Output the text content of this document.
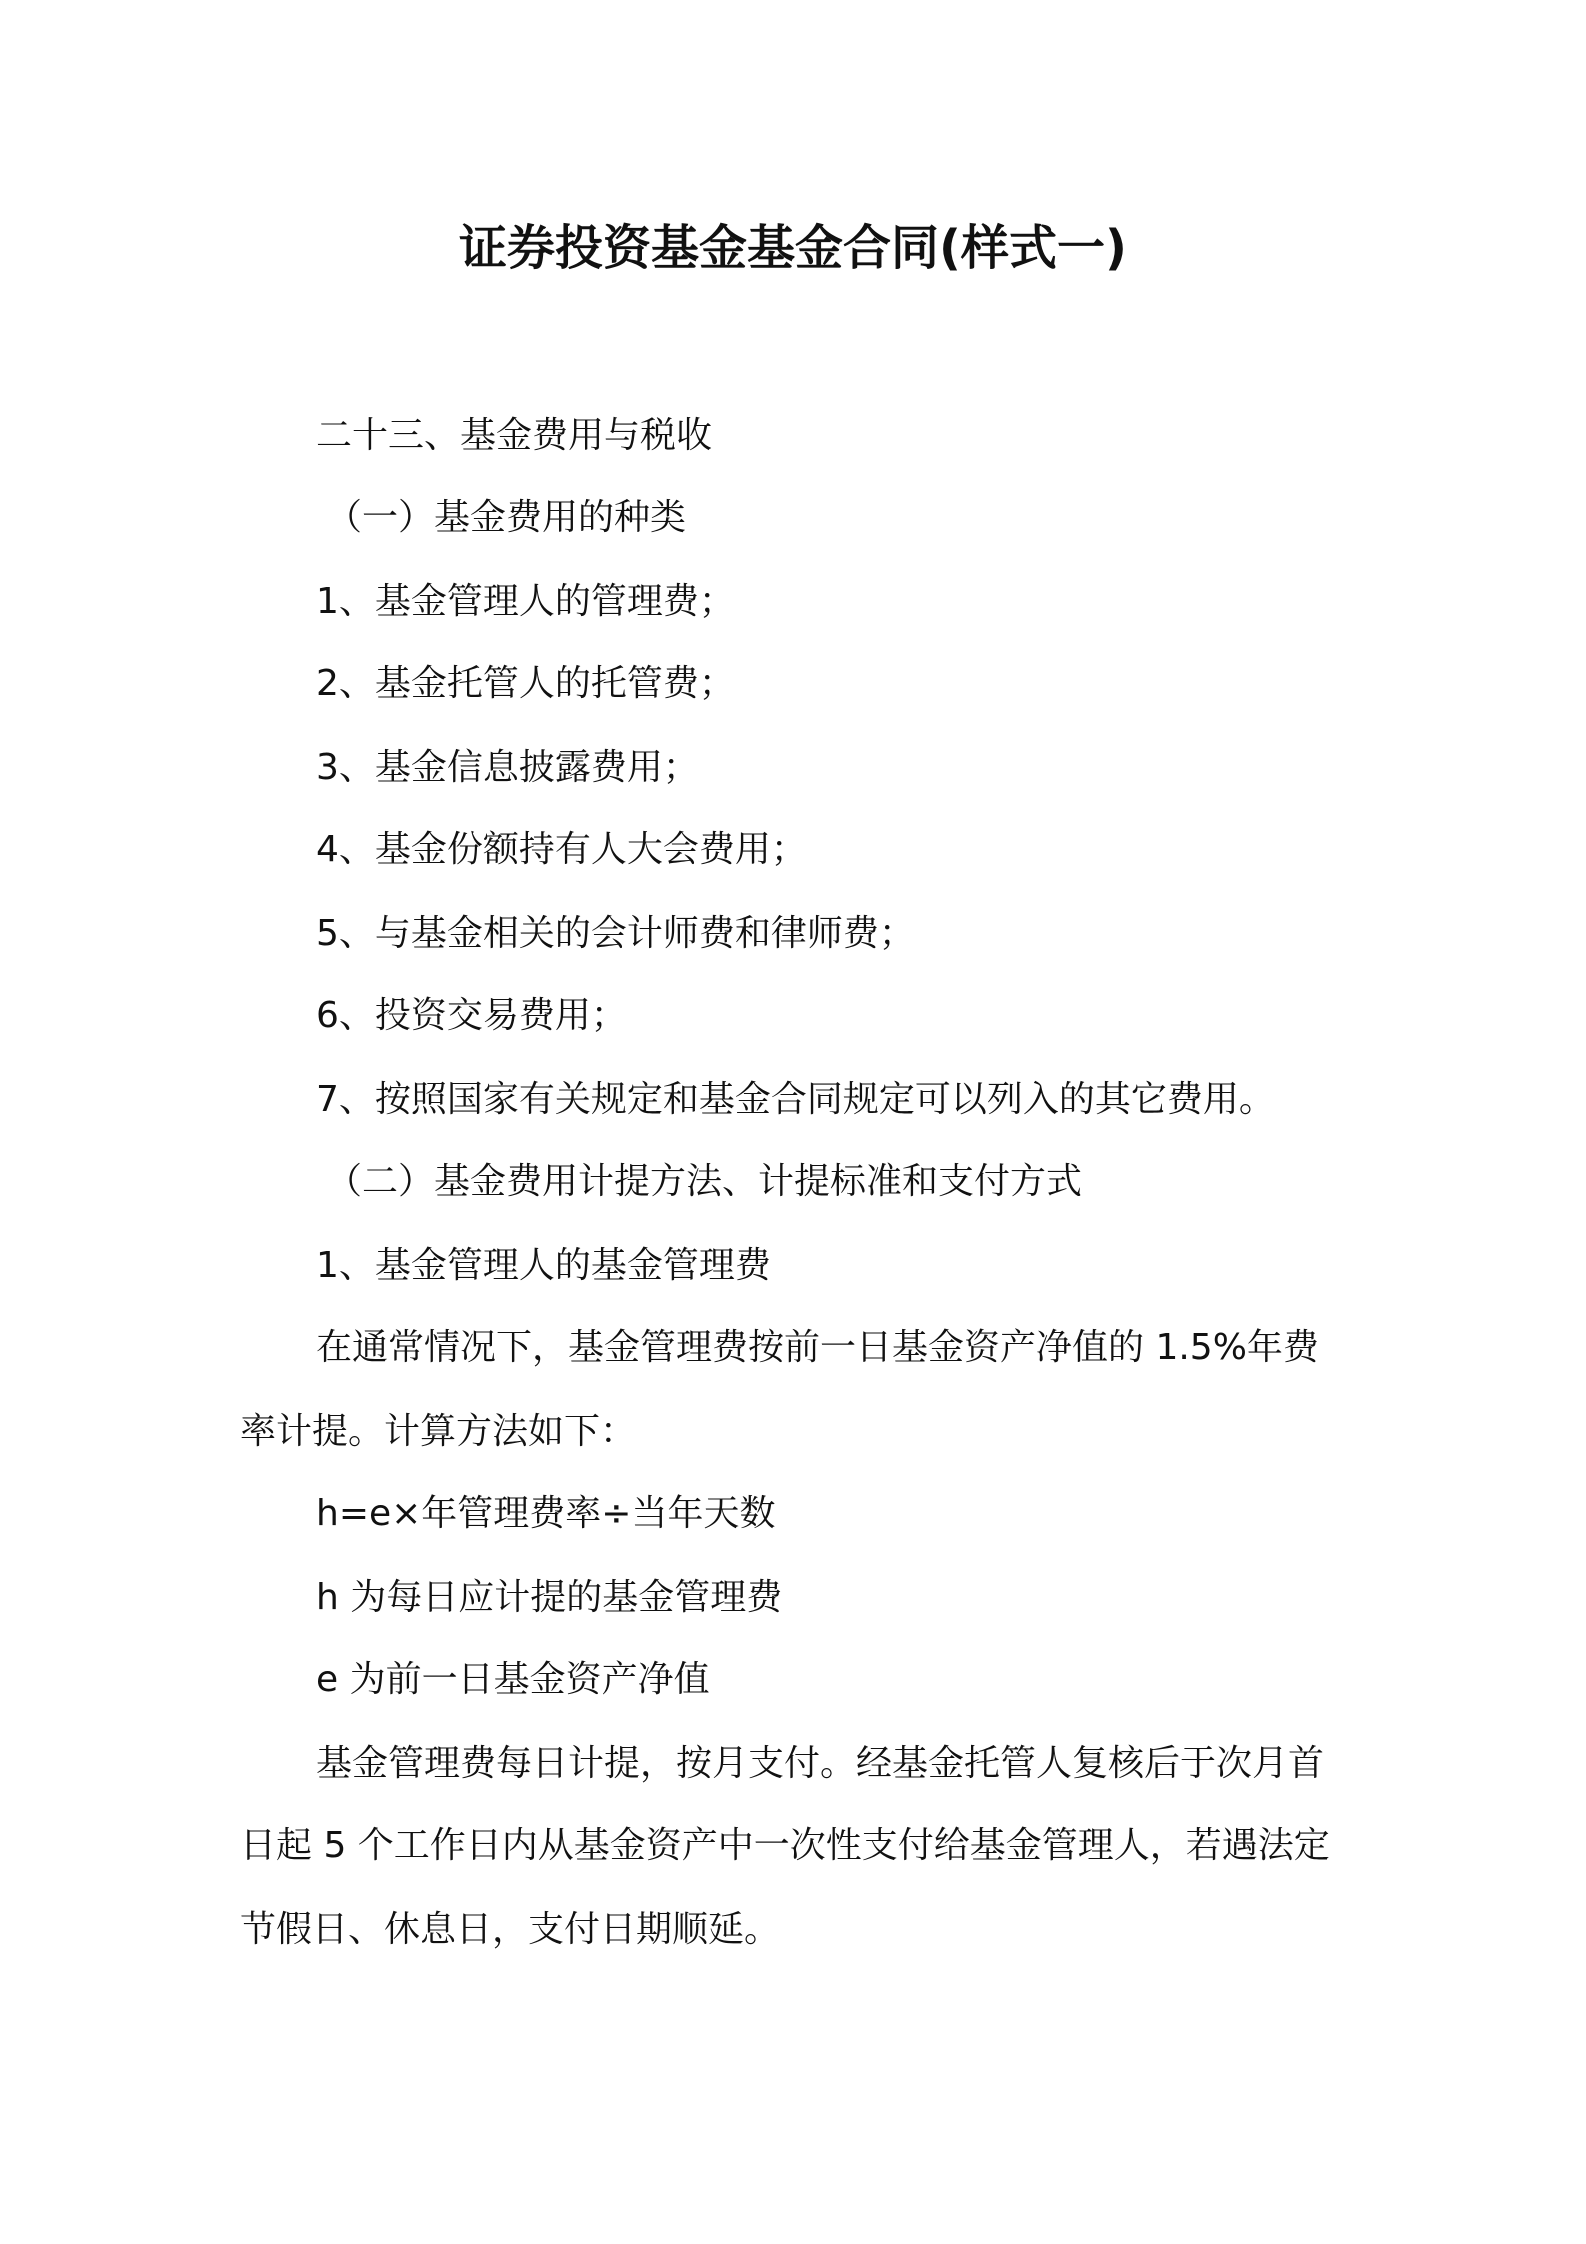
证券投资基金基金合同(样式一)
二十三、基金费用与税收
（一）基金费用的种类
1、基金管理人的管理费；
2、基金托管人的托管费；
3、基金信息披露费用；
4、基金份额持有人大会费用；
5、与基金相关的会计师费和律师费；
6、投资交易费用；
7、按照国家有关规定和基金合同规定可以列入的其它费用。
（二）基金费用计提方法、计提标准和支付方式
1、基金管理人的基金管理费
在通常情况下，基金管理费按前一日基金资产净值的 1.5%年费
率计提。计算方法如下：
h=e×年管理费率÷当年天数
h 为每日应计提的基金管理费
e 为前一日基金资产净值
基金管理费每日计提，按月支付。经基金托管人复核后于次月首
日起 5 个工作日内从基金资产中一次性支付给基金管理人，若遇法定
节假日、休息日，支付日期顺延。
